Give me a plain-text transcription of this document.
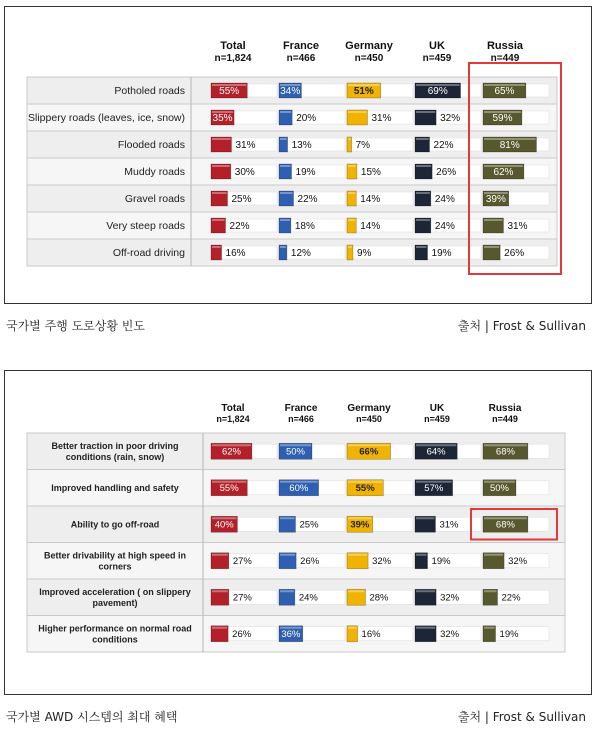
Total
n=1,824
France
n=466
Germany
n=450
UK
n=459
Russia
n=449
Potholed roads	55%	34%	51%	69%	65%
Slippery roads (leaves, ice, snow)	35%	20%	31%	32%	59%
Flooded roads	31%	13%	7%	22%	81%
Muddy roads	30%	19%	15%	26%	62%
Gravel roads	25%	22%	14%	24%	39%
Very steep roads	22%	18%	14%	24%	31%
Off-road driving	16%	12%	9%	19%	26%
국가별 주행 도로상황 빈도	출처 | Frost & Sullivan
Total
n=1,824
France
n=466
Germany
n=450
UK
n=459
Russia
n=449
Better traction in poor driving conditions (rain, snow)	62%	50%	66%	64%	68%
Improved handling and safety	55%	60%	55%	57%	50%
Ability to go off-road	40%	25%	39%	31%	68%
Better drivability at high speed in corners	27%	26%	32%	19%	32%
Improved acceleration ( on slippery pavement)	27%	24%	28%	32%	22%
Higher performance on normal road conditions	26%	36%	16%	32%	19%
국가별 AWD 시스템의 최대 혜택	출처 | Frost & Sullivan
